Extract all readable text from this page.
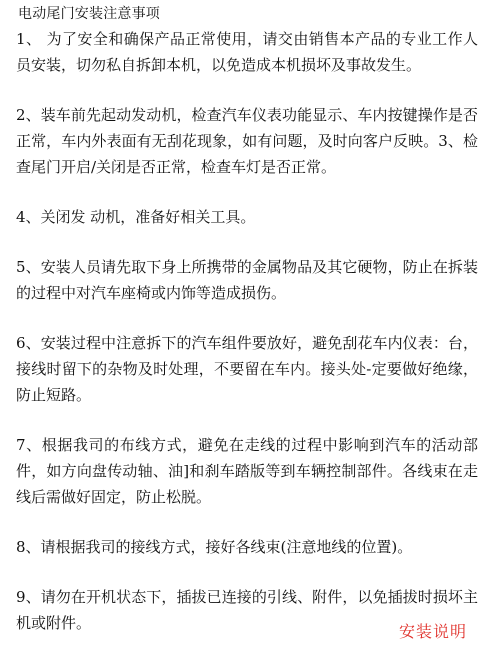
电动尾门安装注意事项

1、 为了安全和确保产品正常使用，请交由销售本产品的专业工作人员安装，切勿私自拆卸本机，以免造成本机损坏及事故发生。

2、装车前先起动发动机，检查汽车仪表功能显示、车内按键操作是否正常，车内外表面有无刮花现象，如有问题，及时向客户反映。3、检查尾门开启/关闭是否正常，检查车灯是否正常。

4、关闭发 动机，准备好相关工具。

5、安装人员请先取下身上所携带的金属物品及其它硬物，防止在拆装的过程中对汽车座椅或内饰等造成损伤。

6、安装过程中注意拆下的汽车组件要放好，避免刮花车内仪表：台，接线时留下的杂物及时处理，不要留在车内。接头处-定要做好绝缘，防止短路。

7、根据我司的布线方式，避免在走线的过程中影响到汽车的活动部件，如方向盘传动轴、油]和刹车踏版等到车辆控制部件。各线束在走线后需做好固定，防止松脱。

8、请根据我司的接线方式，接好各线束(注意地线的位置)。

9、请勿在开机状态下，插拔已连接的引线、附件，以免插拔时损坏主机或附件。	安装说明
